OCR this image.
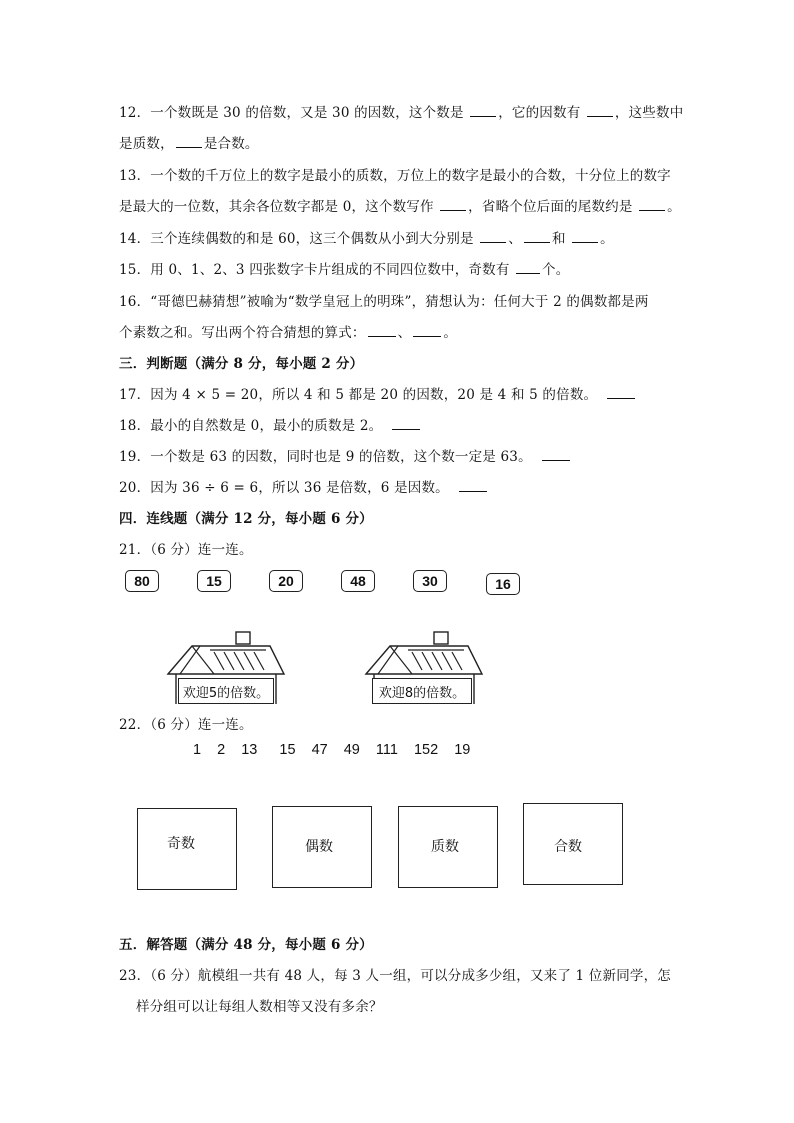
12．一个数既是 30 的倍数，又是 30 的因数，这个数是 ，它的因数有 ，这些数中
是质数， 是合数。
13．一个数的千万位上的数字是最小的质数，万位上的数字是最小的合数，十分位上的数字
是最大的一位数，其余各位数字都是 0，这个数写作 ，省略个位后面的尾数约是 。
14．三个连续偶数的和是 60，这三个偶数从小到大分别是 、 和 。
15．用 0、1、2、3 四张数字卡片组成的不同四位数中，奇数有 个。
16．“哥德巴赫猜想”被喻为“数学皇冠上的明珠”，猜想认为：任何大于 2 的偶数都是两
个素数之和。写出两个符合猜想的算式： 、 。
三．判断题（满分 8 分，每小题 2 分）
17．因为 4 × 5 = 20，所以 4 和 5 都是 20 的因数，20 是 4 和 5 的倍数。
18．最小的自然数是 0，最小的质数是 2。
19．一个数是 63 的因数，同时也是 9 的倍数，这个数一定是 63。
20．因为 36 ÷ 6 = 6，所以 36 是倍数，6 是因数。
四．连线题（满分 12 分，每小题 6 分）
21．（6 分）连一连。
80	15	20	48	30	16
欢迎5的倍数。	欢迎8的倍数。
22．（6 分）连一连。
1 2 13 15 47 49 111 152 19
奇数	偶数	质数	合数
五．解答题（满分 48 分，每小题 6 分）
23．（6 分）航模组一共有 48 人，每 3 人一组，可以分成多少组，又来了 1 位新同学，怎
样分组可以让每组人数相等又没有多余？
